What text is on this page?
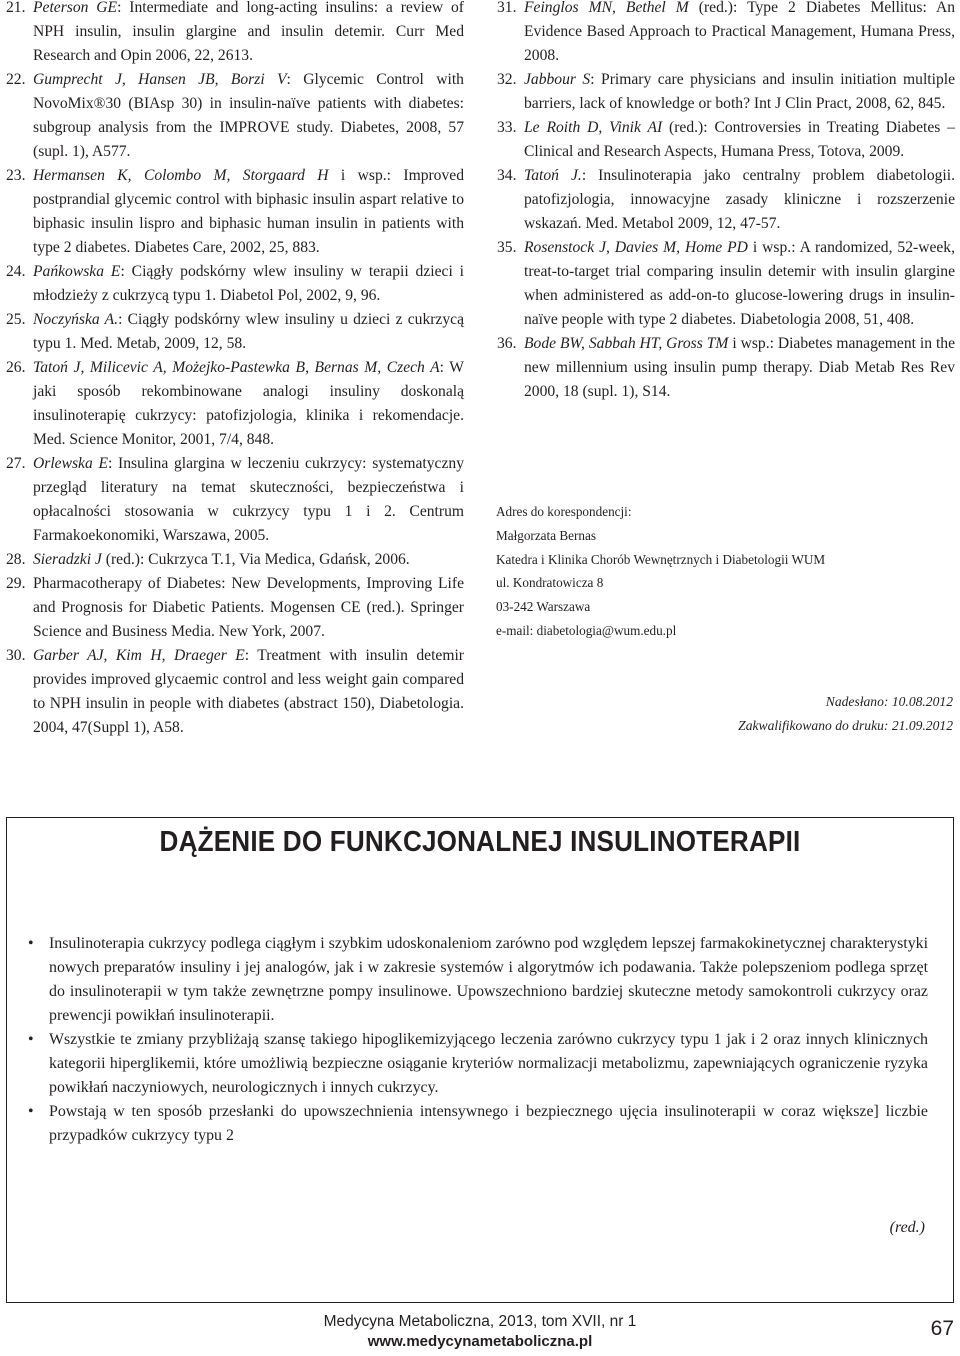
21. Peterson GE: Intermediate and long-acting insulins: a review of NPH insulin, insulin glargine and insulin detemir. Curr Med Research and Opin 2006, 22, 2613.
22. Gumprecht J, Hansen JB, Borzi V: Glycemic Control with NovoMix®30 (BIAsp 30) in insulin-naïve patients with diabetes: subgroup analysis from the IMPROVE study. Diabetes, 2008, 57 (supl. 1), A577.
23. Hermansen K, Colombo M, Storgaard H i wsp.: Improved postprandial glycemic control with biphasic insulin aspart relative to biphasic insulin lispro and biphasic human insulin in patients with type 2 diabetes. Diabetes Care, 2002, 25, 883.
24. Pańkowska E: Ciągły podskórny wlew insuliny w terapii dzieci i młodzieży z cukrzycą typu 1. Diabetol Pol, 2002, 9, 96.
25. Noczyńska A.: Ciągły podskórny wlew insuliny u dzieci z cukrzycą typu 1. Med. Metab, 2009, 12, 58.
26. Tatoń J, Milicevic A, Możejko-Pastewka B, Bernas M, Czech A: W jaki sposób rekombinowane analogi insuliny doskonalą insulinoterapię cukrzycy: patofizjologia, klinika i rekomendacje. Med. Science Monitor, 2001, 7/4, 848.
27. Orlewska E: Insulina glargina w leczeniu cukrzycy: systematyczny przegląd literatury na temat skuteczności, bezpieczeństwa i opłacalności stosowania w cukrzycy typu 1 i 2. Centrum Farmakoekonomiki, Warszawa, 2005.
28. Sieradzki J (red.): Cukrzyca T.1, Via Medica, Gdańsk, 2006.
29. Pharmacotherapy of Diabetes: New Developments, Improving Life and Prognosis for Diabetic Patients. Mogensen CE (red.). Springer Science and Business Media. New York, 2007.
30. Garber AJ, Kim H, Draeger E: Treatment with insulin detemir provides improved glycaemic control and less weight gain compared to NPH insulin in people with diabetes (abstract 150), Diabetologia. 2004, 47(Suppl 1), A58.
31. Feinglos MN, Bethel M (red.): Type 2 Diabetes Mellitus: An Evidence Based Approach to Practical Management, Humana Press, 2008.
32. Jabbour S: Primary care physicians and insulin initiation multiple barriers, lack of knowledge or both? Int J Clin Pract, 2008, 62, 845.
33. Le Roith D, Vinik AI (red.): Controversies in Treating Diabetes – Clinical and Research Aspects, Humana Press, Totova, 2009.
34. Tatoń J.: Insulinoterapia jako centralny problem diabetologii. patofizjologia, innowacyjne zasady kliniczne i rozszerzenie wskazań. Med. Metabol 2009, 12, 47-57.
35. Rosenstock J, Davies M, Home PD i wsp.: A randomized, 52-week, treat-to-target trial comparing insulin detemir with insulin glargine when administered as add-on-to glucose-lowering drugs in insulin-naïve people with type 2 diabetes. Diabetologia 2008, 51, 408.
36. Bode BW, Sabbah HT, Gross TM i wsp.: Diabetes management in the new millennium using insulin pump therapy. Diab Metab Res Rev 2000, 18 (supl. 1), S14.
Adres do korespondencji:
Małgorzata Bernas
Katedra i Klinika Chorób Wewnętrznych i Diabetologii WUM
ul. Kondratowicza 8
03-242 Warszawa
e-mail: diabetologia@wum.edu.pl
Nadesłano: 10.08.2012
Zakwalifikowano do druku: 21.09.2012
DĄŻENIE DO FUNKCJONALNEJ INSULINOTERAPII
• Insulinoterapia cukrzycy podlega ciągłym i szybkim udoskonaleniom zarówno pod względem lepszej farmakokinetycznej charakterystyki nowych preparatów insuliny i jej analogów, jak i w zakresie systemów i algorytmów ich podawania. Także polepszeniom podlega sprzęt do insulinoterapii w tym także zewnętrzne pompy insulinowe. Upowszechniono bardziej skuteczne metody samokontroli cukrzycy oraz prewencji powikłań insulinoterapii.
• Wszystkie te zmiany przybliżają szansę takiego hipoglikemizyjącego leczenia zarówno cukrzycy typu 1 jak i 2 oraz innych klinicznych kategorii hiperglikemii, które umożliwią bezpieczne osiąganie kryteriów normalizacji metabolizmu, zapewniających ograniczenie ryzyka powikłań naczyniowych, neurologicznych i innych cukrzycy.
• Powstają w ten sposób przesłanki do upowszechnienia intensywnego i bezpiecznego ujęcia insulinoterapii w coraz większe] liczbie przypadków cukrzycy typu 2
(red.)
Medycyna Metaboliczna, 2013, tom XVII, nr 1
www.medycynametaboliczna.pl
67
